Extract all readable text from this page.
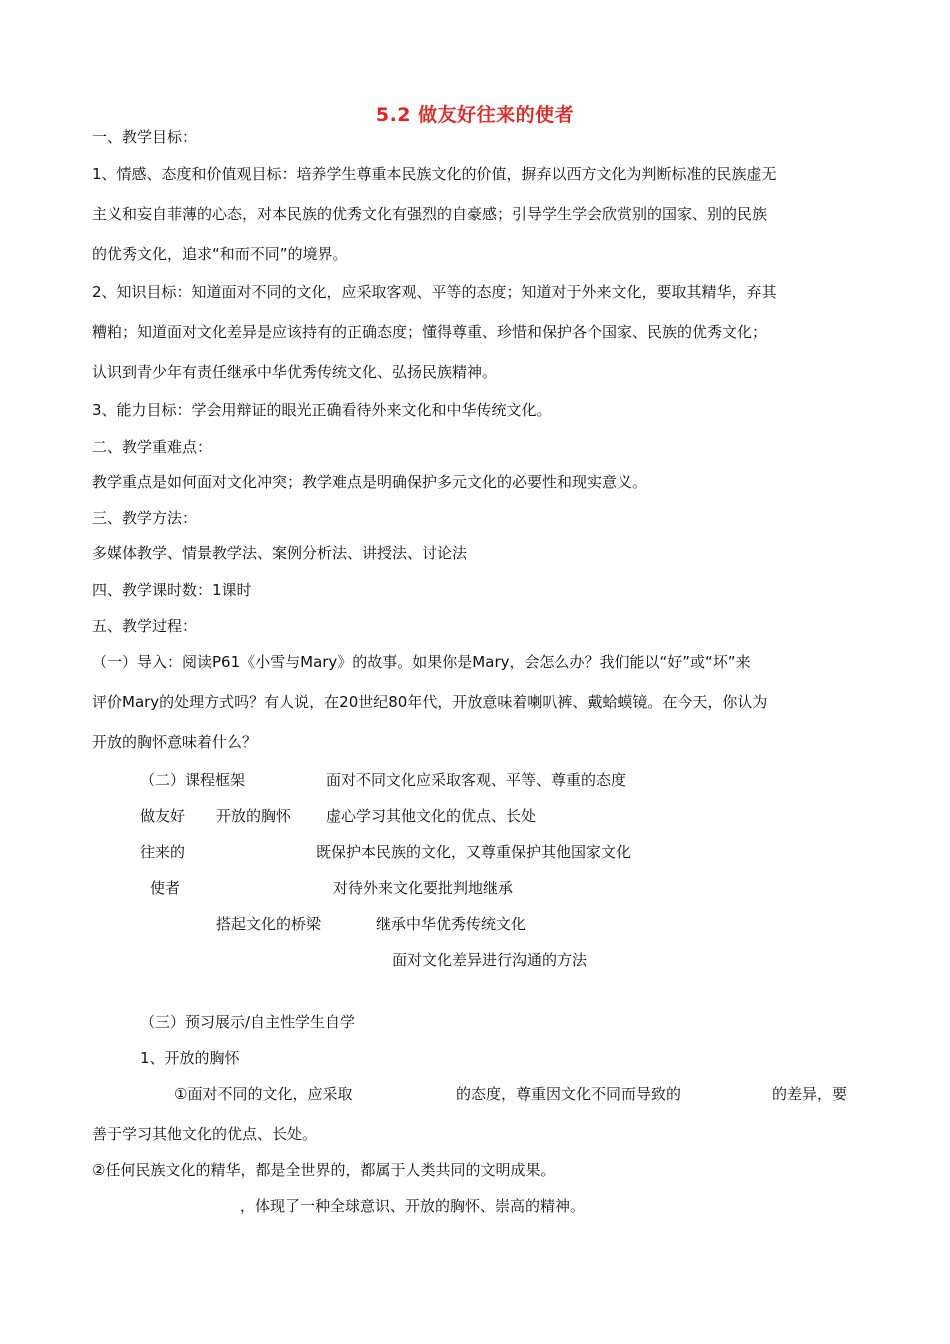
5.2 做友好往来的使者
一、教学目标：
1、情感、态度和价值观目标：培养学生尊重本民族文化的价值，摒弃以西方文化为判断标准的民族虚无
主义和妄自菲薄的心态，对本民族的优秀文化有强烈的自豪感；引导学生学会欣赏别的国家、别的民族
的优秀文化，追求“和而不同”的境界。
2、知识目标：知道面对不同的文化，应采取客观、平等的态度；知道对于外来文化，要取其精华，弃其
糟粕；知道面对文化差异是应该持有的正确态度；懂得尊重、珍惜和保护各个国家、民族的优秀文化；
认识到青少年有责任继承中华优秀传统文化、弘扬民族精神。
3、能力目标：学会用辩证的眼光正确看待外来文化和中华传统文化。
二、教学重难点：
教学重点是如何面对文化冲突；教学难点是明确保护多元文化的必要性和现实意义。
三、教学方法：
多媒体教学、情景教学法、案例分析法、讲授法、讨论法
四、教学课时数：1课时
五、教学过程：
（一）导入：阅读P61《小雪与Mary》的故事。如果你是Mary，会怎么办？我们能以“好”或“坏”来
评价Mary的处理方式吗？有人说，在20世纪80年代，开放意味着喇叭裤、戴蛤蟆镜。在今天，你认为
开放的胸怀意味着什么？
（二）课程框架	面对不同文化应采取客观、平等、尊重的态度
做友好 开放的胸怀 虚心学习其他文化的优点、长处
往来的	既保护本民族的文化，又尊重保护其他国家文化
使者	对待外来文化要批判地继承
搭起文化的桥梁	继承中华优秀传统文化
面对文化差异进行沟通的方法
（三）预习展示/自主性学生自学
1、开放的胸怀
①面对不同的文化，应采取	的态度，尊重因文化不同而导致的	的差异，要
善于学习其他文化的优点、长处。
②任何民族文化的精华，都是全世界的，都属于人类共同的文明成果。
，体现了一种全球意识、开放的胸怀、崇高的精神。
